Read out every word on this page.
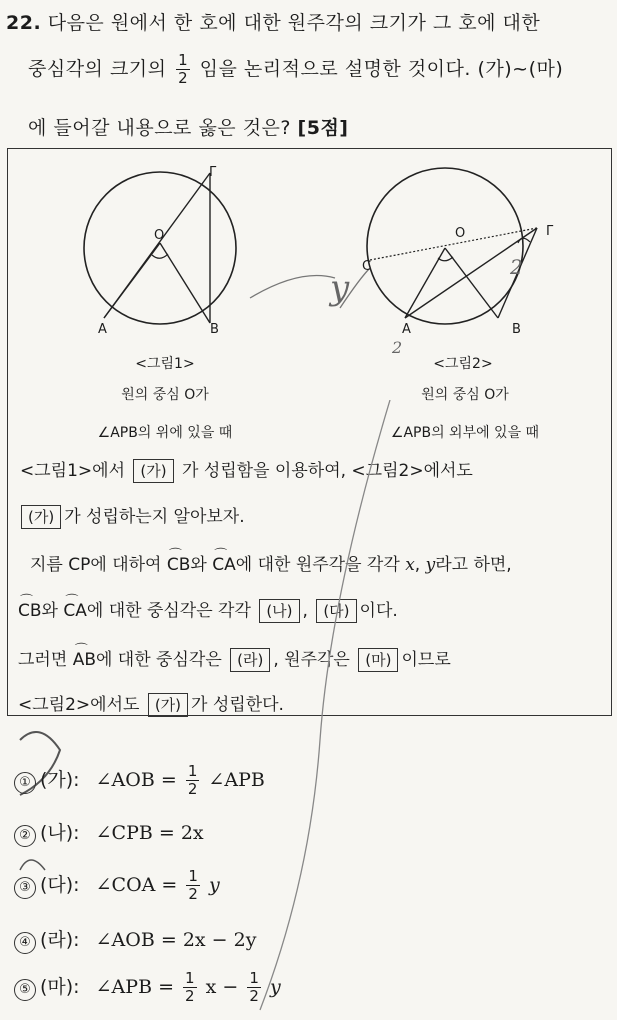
22. 다음은 원에서 한 호에 대한 원주각의 크기가 그 호에 대한
중심각의 크기의 $\frac{1}{2}$ 임을 논리적으로 설명한 것이다. (가)~(마)
에 들어갈 내용으로 옳은 것은? [5점]
Γ
O
A	B
Γ
O
C
A	B
y
2
2
<그림1>
원의 중심 O가
∠APB의 위에 있을 때
<그림2>
원의 중심 O가
∠APB의 외부에 있을 때
<그림1>에서 (가) 가 성립함을 이용하여, <그림2>에서도
(가) 가 성립하는지 알아보자.
지름 CP에 대하여 ⌒ CB와 ⌒ CA에 대한 원주각을 각각 x, y라고 하면,
⌒ CB와 ⌒ CA에 대한 중심각은 각각 (나) , (다) 이다.
그러면 ⌒ AB에 대한 중심각은 (라) , 원주각은 (마) 이므로
<그림2>에서도 (가) 가 성립한다.
① (가): ∠AOB = $\frac{1}{2}$ ∠APB
② (나): ∠CPB = 2x
③ (다): ∠COA = $\frac{1}{2}$ y
④ (라): ∠AOB = 2x − 2y
⑤ (마): ∠APB = $\frac{1}{2}$ $x - \frac{1}{2}$ y
